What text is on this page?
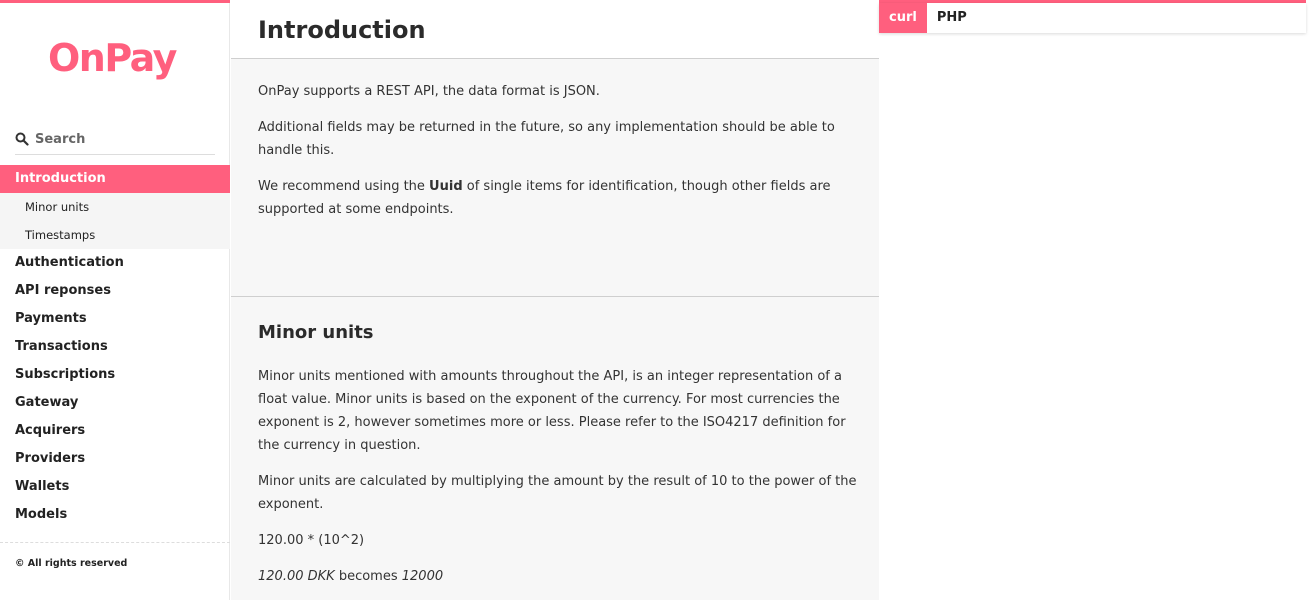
OnPay
Search
Introduction
Minor units
Timestamps
Authentication
API reponses
Payments
Transactions
Subscriptions
Gateway
Acquirers
Providers
Wallets
Models
© All rights reserved
Introduction

OnPay supports a REST API, the data format is JSON.

Additional fields may be returned in the future, so any implementation should be able to handle this.

We recommend using the Uuid of single items for identification, though other fields are supported at some endpoints.

Minor units

Minor units mentioned with amounts throughout the API, is an integer representation of a float value. Minor units is based on the exponent of the currency. For most currencies the exponent is 2, however sometimes more or less. Please refer to the ISO4217 definition for the currency in question.

Minor units are calculated by multiplying the amount by the result of 10 to the power of the exponent.

120.00 * (10^2)

120.00 DKK becomes 12000

curl	PHP
